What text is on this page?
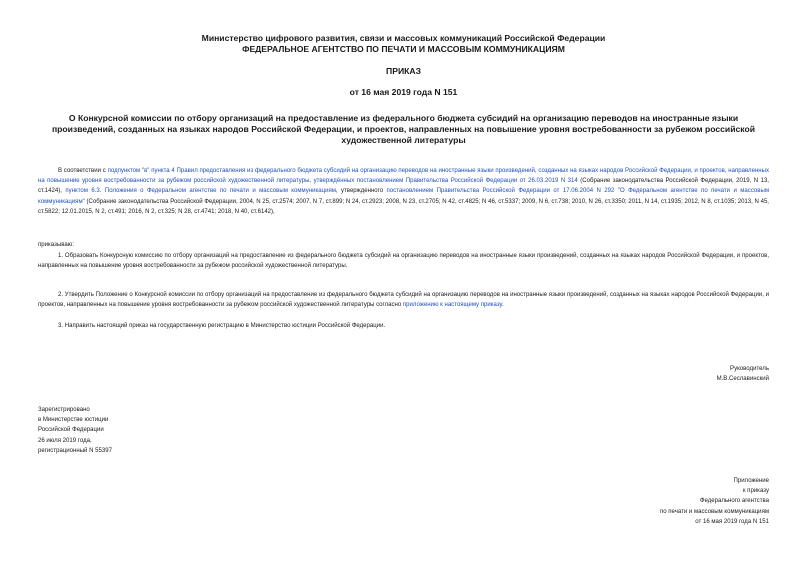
Министерство цифрового развития, связи и массовых коммуникаций Российской Федерации
ФЕДЕРАЛЬНОЕ АГЕНТСТВО ПО ПЕЧАТИ И МАССОВЫМ КОММУНИКАЦИЯМ
ПРИКАЗ
от 16 мая 2019 года N 151
О Конкурсной комиссии по отбору организаций на предоставление из федерального бюджета субсидий на организацию переводов на иностранные языки
произведений, созданных на языках народов Российской Федерации, и проектов, направленных на повышение уровня востребованности за рубежом российской
художественной литературы

В соответствии с подпунктом "в" пункта 4 Правил предоставления из федерального бюджета субсидий на организацию переводов на иностранные языки произведений, созданных на языках народов Российской Федерации, и проектов, направленных на повышение уровня востребованности за рубежом российской художественной литературы, утверждённых постановлением Правительства Российской Федерации от 26.03.2019 N 314 (Собрание законодательства Российской Федерации, 2019, N 13, ст.1424), пунктом 6.3. Положения о Федеральном агентстве по печати и массовым коммуникациям, утвержденного постановлением Правительства Российской Федерации от 17.06.2004 N 292 "О Федеральном агентстве по печати и массовым коммуникациям" (Собрание законодательства Российской Федерации, 2004, N 25, ст.2574; 2007, N 7, ст.899; N 24, ст.2923; 2008, N 23, ст.2705; N 42, ст.4825; N 46, ст.5337; 2009, N 6, ст.738; 2010, N 26, ст.3350; 2011, N 14, ст.1935; 2012, N 8, ст.1035; 2013, N 45, ст.5822; 12.01.2015, N 2, ст.491; 2016, N 2, ст.325; N 28, ст.4741; 2018, N 40, ст.6142),

приказываю:
1. Образовать Конкурсную комиссию по отбору организаций на предоставление из федерального бюджета субсидий на организацию переводов на иностранные языки произведений, созданных на языках народов Российской Федерации, и проектов, направленных на повышение уровня востребованности за рубежом российской художественной литературы.
2. Утвердить Положение о Конкурсной комиссии по отбору организаций на предоставление из федерального бюджета субсидий на организацию переводов на иностранные языки произведений, созданных на языках народов Российской Федерации, и проектов, направленных на повышение уровня востребованности за рубежом российской художественной литературы согласно приложению к настоящему приказу.
3. Направить настоящий приказ на государственную регистрацию в Министерство юстиции Российской Федерации.
Руководитель
М.В.Сеславинский
Зарегистрировано
в Министерстве юстиции
Российской Федерации
26 июля 2019 года,
регистрационный N 55397
Приложение
к приказу
Федерального агентства
по печати и массовым коммуникациям
от 16 мая 2019 года N 151
